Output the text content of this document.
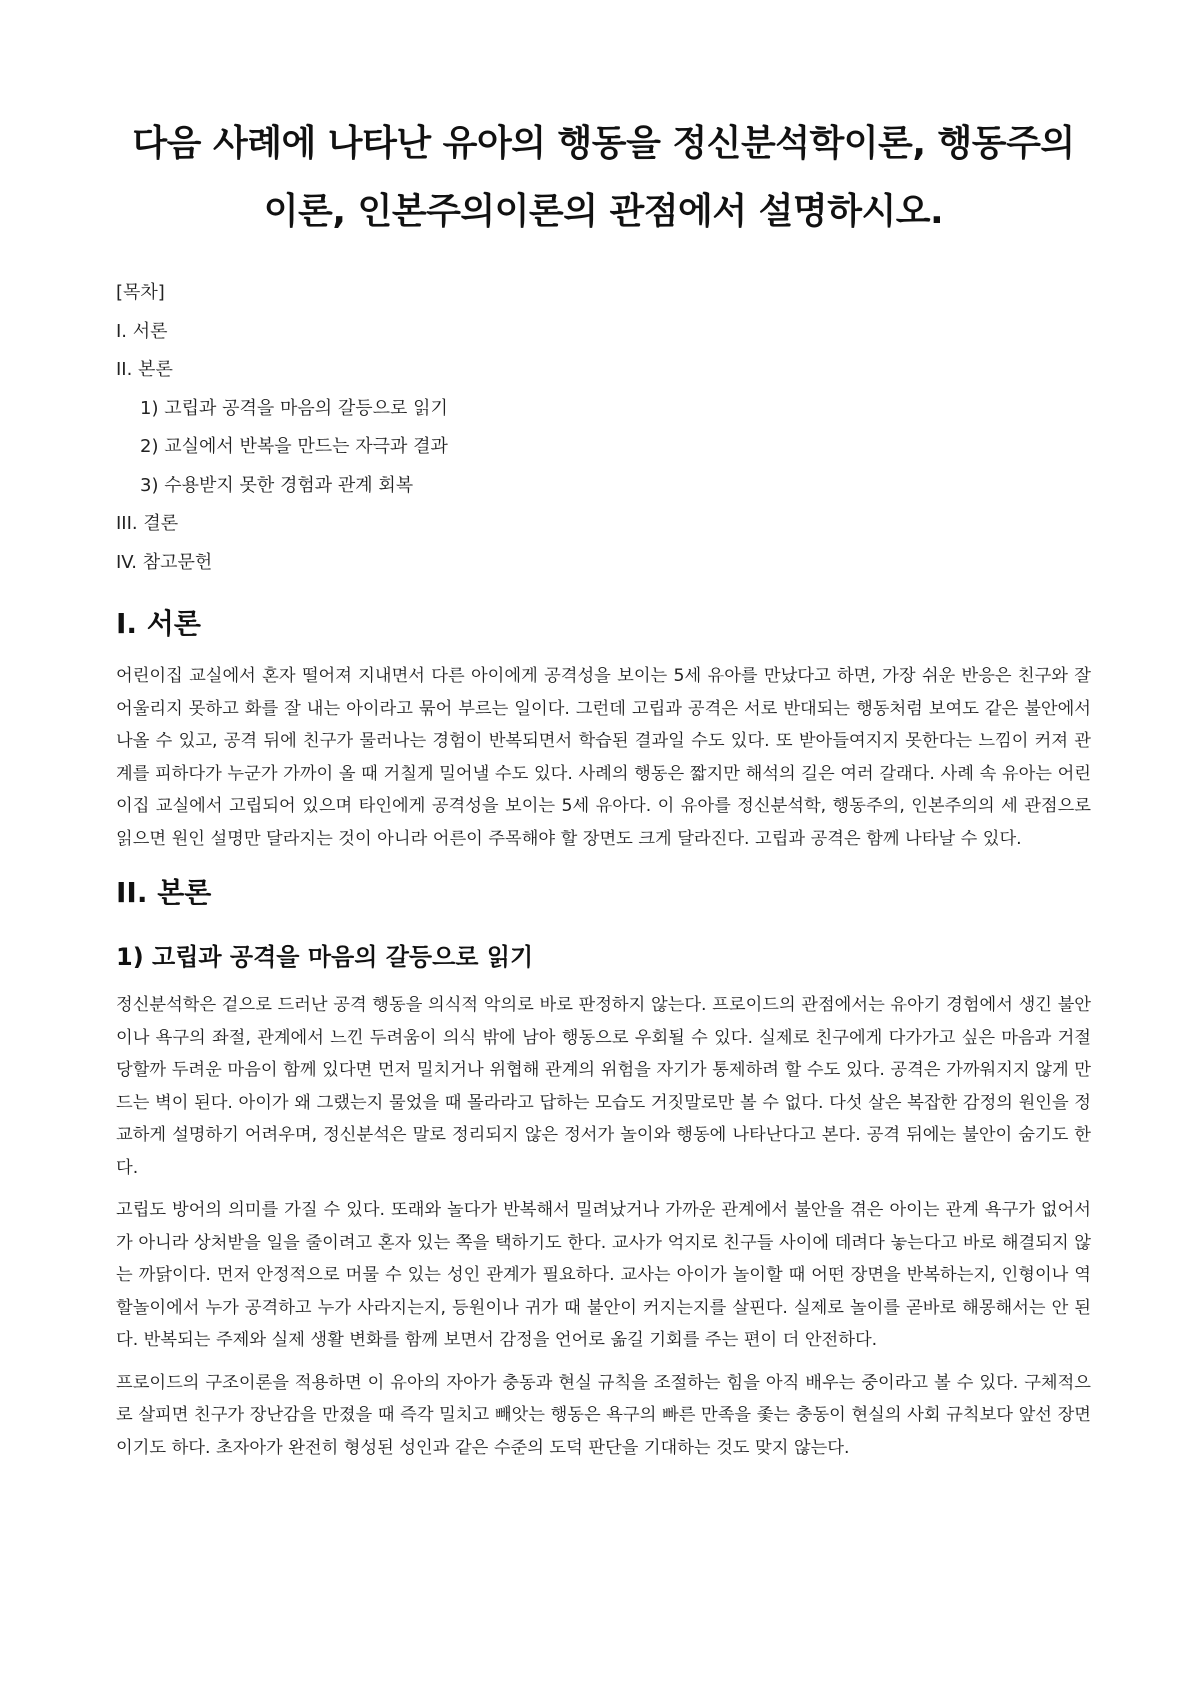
다음 사례에 나타난 유아의 행동을 정신분석학이론, 행동주의이론, 인본주의이론의 관점에서 설명하시오.
[목차]
I. 서론
II. 본론
1) 고립과 공격을 마음의 갈등으로 읽기
2) 교실에서 반복을 만드는 자극과 결과
3) 수용받지 못한 경험과 관계 회복
III. 결론
IV. 참고문헌
I. 서론

어린이집 교실에서 혼자 떨어져 지내면서 다른 아이에게 공격성을 보이는 5세 유아를 만났다고 하면, 가장 쉬운 반응은 친구와 잘 어울리지 못하고 화를 잘 내는 아이라고 묶어 부르는 일이다. 그런데 고립과 공격은 서로 반대되는 행동처럼 보여도 같은 불안에서 나올 수 있고, 공격 뒤에 친구가 물러나는 경험이 반복되면서 학습된 결과일 수도 있다. 또 받아들여지지 못한다는 느낌이 커져 관계를 피하다가 누군가 가까이 올 때 거칠게 밀어낼 수도 있다. 사례의 행동은 짧지만 해석의 길은 여러 갈래다. 사례 속 유아는 어린이집 교실에서 고립되어 있으며 타인에게 공격성을 보이는 5세 유아다. 이 유아를 정신분석학, 행동주의, 인본주의의 세 관점으로 읽으면 원인 설명만 달라지는 것이 아니라 어른이 주목해야 할 장면도 크게 달라진다. 고립과 공격은 함께 나타날 수 있다.

II. 본론
1) 고립과 공격을 마음의 갈등으로 읽기

정신분석학은 겉으로 드러난 공격 행동을 의식적 악의로 바로 판정하지 않는다. 프로이드의 관점에서는 유아기 경험에서 생긴 불안이나 욕구의 좌절, 관계에서 느낀 두려움이 의식 밖에 남아 행동으로 우회될 수 있다. 실제로 친구에게 다가가고 싶은 마음과 거절당할까 두려운 마음이 함께 있다면 먼저 밀치거나 위협해 관계의 위험을 자기가 통제하려 할 수도 있다. 공격은 가까워지지 않게 만드는 벽이 된다. 아이가 왜 그랬는지 물었을 때 몰라라고 답하는 모습도 거짓말로만 볼 수 없다. 다섯 살은 복잡한 감정의 원인을 정교하게 설명하기 어려우며, 정신분석은 말로 정리되지 않은 정서가 놀이와 행동에 나타난다고 본다. 공격 뒤에는 불안이 숨기도 한다.

고립도 방어의 의미를 가질 수 있다. 또래와 놀다가 반복해서 밀려났거나 가까운 관계에서 불안을 겪은 아이는 관계 욕구가 없어서가 아니라 상처받을 일을 줄이려고 혼자 있는 쪽을 택하기도 한다. 교사가 억지로 친구들 사이에 데려다 놓는다고 바로 해결되지 않는 까닭이다. 먼저 안정적으로 머물 수 있는 성인 관계가 필요하다. 교사는 아이가 놀이할 때 어떤 장면을 반복하는지, 인형이나 역할놀이에서 누가 공격하고 누가 사라지는지, 등원이나 귀가 때 불안이 커지는지를 살핀다. 실제로 놀이를 곧바로 해몽해서는 안 된다. 반복되는 주제와 실제 생활 변화를 함께 보면서 감정을 언어로 옮길 기회를 주는 편이 더 안전하다.

프로이드의 구조이론을 적용하면 이 유아의 자아가 충동과 현실 규칙을 조절하는 힘을 아직 배우는 중이라고 볼 수 있다. 구체적으로 살피면 친구가 장난감을 만졌을 때 즉각 밀치고 빼앗는 행동은 욕구의 빠른 만족을 좇는 충동이 현실의 사회 규칙보다 앞선 장면이기도 하다. 초자아가 완전히 형성된 성인과 같은 수준의 도덕 판단을 기대하는 것도 맞지 않는다.
